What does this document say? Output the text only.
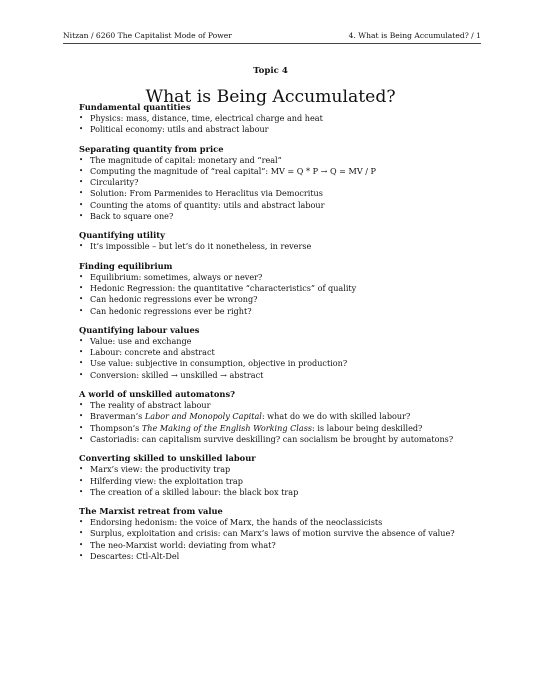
Nitzan / 6260 The Capitalist Mode of Power	4. What is Being Accumulated? / 1
Topic 4
What is Being Accumulated?
Fundamental quantities
• Physics: mass, distance, time, electrical charge and heat
• Political economy: utils and abstract labour
Separating quantity from price
• The magnitude of capital: monetary and “real”
• Computing the magnitude of “real capital”: MV = Q * P → Q = MV / P
• Circularity?
• Solution: From Parmenides to Heraclitus via Democritus
• Counting the atoms of quantity: utils and abstract labour
• Back to square one?
Quantifying utility
• It’s impossible – but let’s do it nonetheless, in reverse
Finding equilibrium
• Equilibrium: sometimes, always or never?
• Hedonic Regression: the quantitative “characteristics” of quality
• Can hedonic regressions ever be wrong?
• Can hedonic regressions ever be right?
Quantifying labour values
• Value: use and exchange
• Labour: concrete and abstract
• Use value: subjective in consumption, objective in production?
• Conversion: skilled → unskilled → abstract
A world of unskilled automatons?
• The reality of abstract labour
• Braverman’s Labor and Monopoly Capital: what do we do with skilled labour?
• Thompson’s The Making of the English Working Class: is labour being deskilled?
• Castoriadis: can capitalism survive deskilling? can socialism be brought by automatons?
Converting skilled to unskilled labour
• Marx’s view: the productivity trap
• Hilferding view: the exploitation trap
• The creation of a skilled labour: the black box trap
The Marxist retreat from value
• Endorsing hedonism: the voice of Marx, the hands of the neoclassicists
• Surplus, exploitation and crisis: can Marx’s laws of motion survive the absence of value?
• The neo-Marxist world: deviating from what?
• Descartes: Ctl-Alt-Del
